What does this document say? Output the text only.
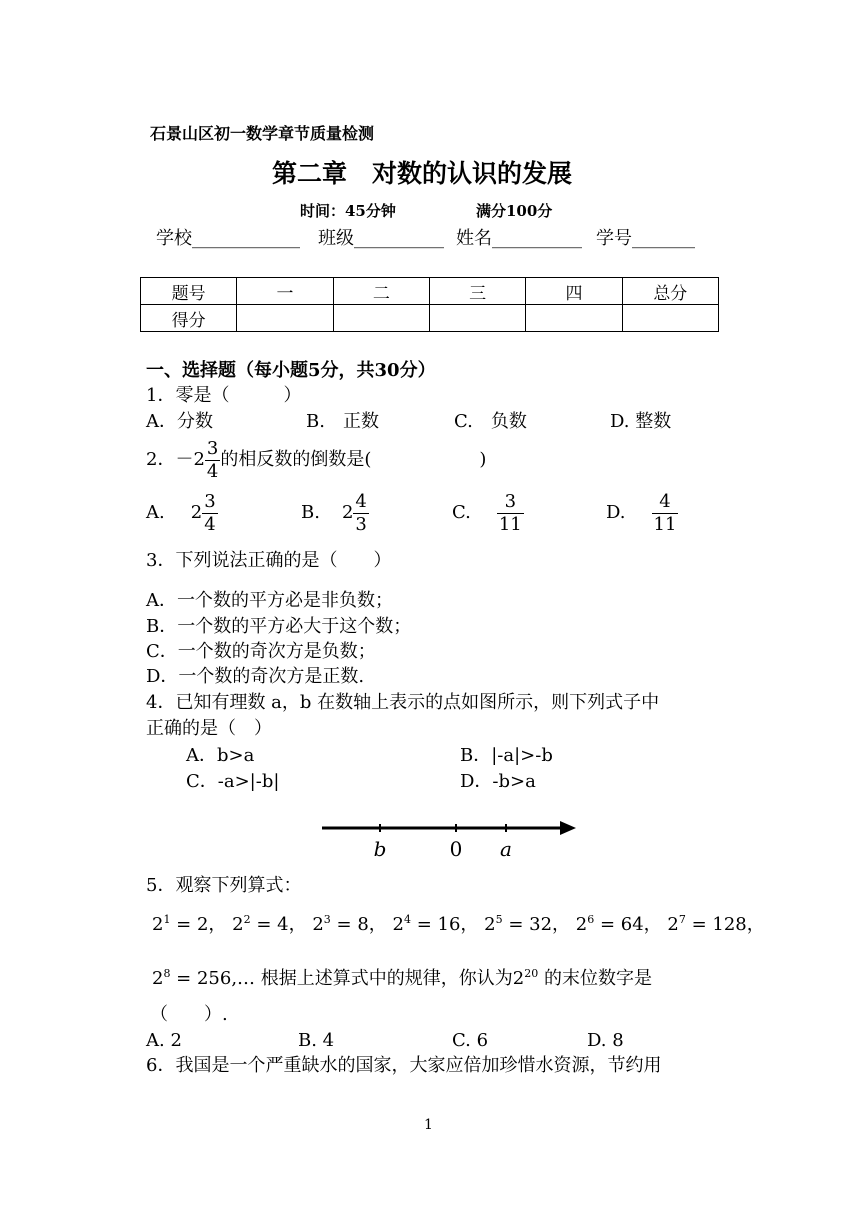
石景山区初一数学章节质量检测
第二章　对数的认识的发展
时间：45分钟	满分100分
学校____________ 班级__________ 姓名__________ 学号_______
题号	一	二	三	四	总分
得分					
一、选择题（每小题5分，共30分）
1．零是（　　　）
A．分数	B.　正数	C.　负数	D. 整数
2．$-2 \frac{3}{4}$ 的相反数的倒数是(　　　　　　)
A. $2 \frac{3}{4}$	B. $2 \frac{4}{3}$	C. $\frac{3}{11}$	D. $\frac{4}{11}$
3．下列说法正确的是（　　）
A．一个数的平方必是非负数；
B．一个数的平方必大于这个数；
C．一个数的奇次方是负数；
D．一个数的奇次方是正数.
4．已知有理数 a，b 在数轴上表示的点如图所示，则下列式子中
正确的是（　）
A．b>a	B．|-a|>-b
C．-a>|-b|	D．-b>a
b	0 a
5．观察下列算式：
$2^1 = 2$， $2^2 = 4$， $2^3 = 8$， $2^4 = 16$， $2^5 = 32$， $2^6 = 64$， $2^7 = 128$，
$2^8$ = 256,… 根据上述算式中的规律，你认为$2^{20}$ 的末位数字是
（　　）.
A. 2	B. 4	C. 6	D. 8
6．我国是一个严重缺水的国家，大家应倍加珍惜水资源，节约用
1
